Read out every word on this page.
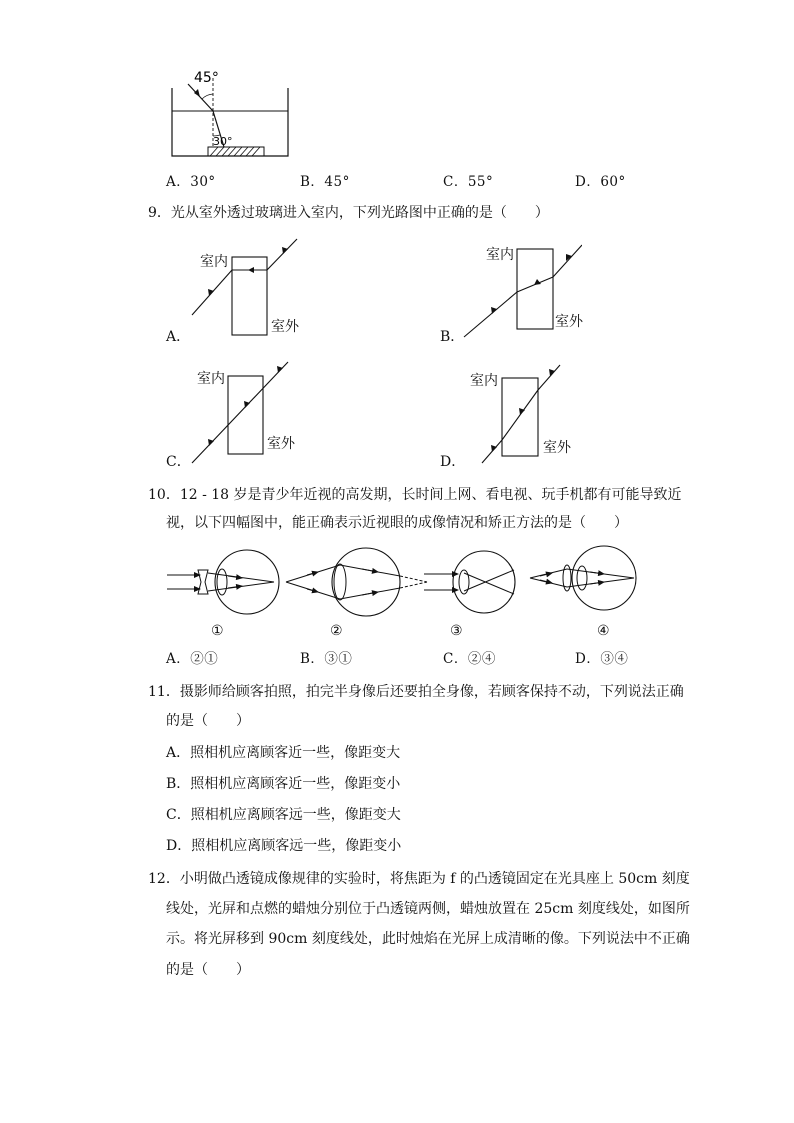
45°
30°
A．30°	B．45°	C．55°	D．60°
9．光从室外透过玻璃进入室内，下列光路图中正确的是（　　）
室内
室外
A．
室内
室外
B．
室内
室外
C．
室内
室外
D．
10．12 - 18 岁是青少年近视的高发期，长时间上网、看电视、玩手机都有可能导致近
视，以下四幅图中，能正确表示近视眼的成像情况和矫正方法的是（　　）
①	②	③	④
A．②①	B．③①	C．②④	D．③④
11．摄影师给顾客拍照，拍完半身像后还要拍全身像，若顾客保持不动，下列说法正确
的是（　　）
A．照相机应离顾客近一些，像距变大
B．照相机应离顾客近一些，像距变小
C．照相机应离顾客远一些，像距变大
D．照相机应离顾客远一些，像距变小
12．小明做凸透镜成像规律的实验时，将焦距为 f 的凸透镜固定在光具座上 50cm 刻度
线处，光屏和点燃的蜡烛分别位于凸透镜两侧，蜡烛放置在 25cm 刻度线处，如图所
示。将光屏移到 90cm 刻度线处，此时烛焰在光屏上成清晰的像。下列说法中不正确
的是（　　）
